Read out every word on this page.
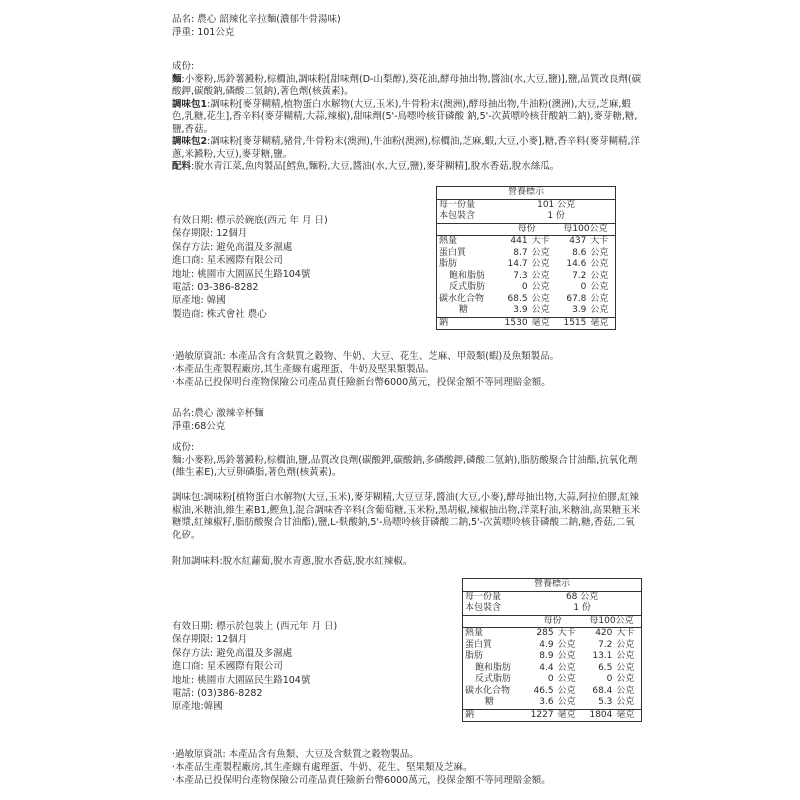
品名: 農心 韶辣化辛拉麵(濃郁牛骨湯味)
淨重: 101公克
成份:
麵:小麥粉,馬鈴薯澱粉,棕櫚油,調味粉[甜味劑(D-山梨醇),葵花油,酵母抽出物,醬油(水,大豆,鹽)],鹽,品質改良劑(碳酸鉀,碳酸鈉,磷酸二氫鈉),著色劑(核黃素)。
調味包1:調味粉[麥芽糊精,植物蛋白水解物(大豆,玉米),牛骨粉末(澳洲),酵母抽出物,牛油粉(澳洲),大豆,芝麻,蝦色,乳糖,花生],香辛料(麥芽糊精,大蒜,辣椒),甜味劑(5'-鳥嘌呤核苷磷酸 鈉,5'-次黃嘌呤核苷酸鈉二鈉),麥芽糖,糖,鹽,香菇。
調味包2:調味粉[麥芽糊精,豬骨,牛骨粉末(澳洲),牛油粉(澳洲),棕櫚油,芝麻,蝦,大豆,小麥],糖,香辛料(麥芽糊精,洋蔥,米澱粉,大豆),麥芽糖,鹽。
配料:脫水青江菜,魚肉製品[鱈魚,麵粉,大豆,醬油(水,大豆,鹽),麥芽糊精],脫水香菇,脫水絲瓜。
有效日期: 標示於碗底(西元 年 月 日)
保存期限: 12個月
保存方法: 避免高溫及多濕處
進口商: 星禾國際有限公司
地址: 桃園市大園區民生路104號
電話: 03-386-8282
原產地: 韓國
製造商: 株式會社 農心
營養標示				
每一份量	101 公克			
本包裝含	1 份			
	每份		每100公克	
熱量	441	大卡	437	大卡
蛋白質	8.7	公克	8.6	公克
脂肪	14.7	公克	14.6	公克
飽和脂肪	7.3	公克	7.2	公克
反式脂肪	0	公克	0	公克
碳水化合物	68.5	公克	67.8	公克
糖	3.9	公克	3.9	公克
鈉	1530	毫克	1515	毫克
‧過敏原資訊: 本產品含有含麩質之穀物、牛奶、大豆、花生、芝麻、甲殼類(蝦)及魚類製品。
‧本產品生產製程廠房,其生產線有處理蛋、牛奶及堅果類製品。
‧本產品已投保明台產物保險公司產品責任險新台幣6000萬元，投保金額不等同理賠金額。
品名:農心 激辣辛杯麵
淨重:68公克
成份:
麵:小麥粉,馬鈴薯澱粉,棕櫚油,鹽,品質改良劑(碳酸鉀,碳酸鈉,多磷酸鉀,磷酸二氫鈉),脂肪酸聚合甘油酯,抗氧化劑(維生素E),大豆卵磷脂,著色劑(核黃素)。
調味包:調味粉[植物蛋白水解物(大豆,玉米),麥芽糊精,大豆豆芽,醬油(大豆,小麥),酵母抽出物,大蒜,阿拉伯膠,紅辣椒油,米糖油,維生素B1,鰹魚],混合調味香辛料(含葡萄糖,玉米粉,黑胡椒,辣椒抽出物,洋菜籽油,米糖油,高果糖玉米糖漿,紅辣椒籽,脂肪酸聚合甘油酯),鹽,L-麩酸鈉,5'-鳥嘌呤核苷磷酸二鈉,5'-次黃嘌呤核苷磷酸二鈉,糖,香菇,二氧化矽。
附加調味料:脫水紅蘿蔔,脫水青蔥,脫水香菇,脫水紅辣椒。
有效日期: 標示於包裝上 (西元年 月 日)
保存期限: 12個月
保存方法: 避免高溫及多濕處
進口商: 星禾國際有限公司
地址: 桃園市大園區民生路104號
電話: (03)386-8282
原產地:韓國
營養標示				
每一份量	68 公克			
本包裝含	1 份			
	每份		每100公克	
熱量	285	大卡	420	大卡
蛋白質	4.9	公克	7.2	公克
脂肪	8.9	公克	13.1	公克
飽和脂肪	4.4	公克	6.5	公克
反式脂肪	0	公克	0	公克
碳水化合物	46.5	公克	68.4	公克
糖	3.6	公克	5.3	公克
鈉	1227	毫克	1804	毫克
‧過敏原資訊: 本產品含有魚類、大豆及含麩質之穀物製品。
‧本產品生產製程廠房,其生產線有處理蛋、牛奶、花生、堅果類及芝麻。
‧本產品已投保明台產物保險公司產品責任險新台幣6000萬元，投保金額不等同理賠金額。
